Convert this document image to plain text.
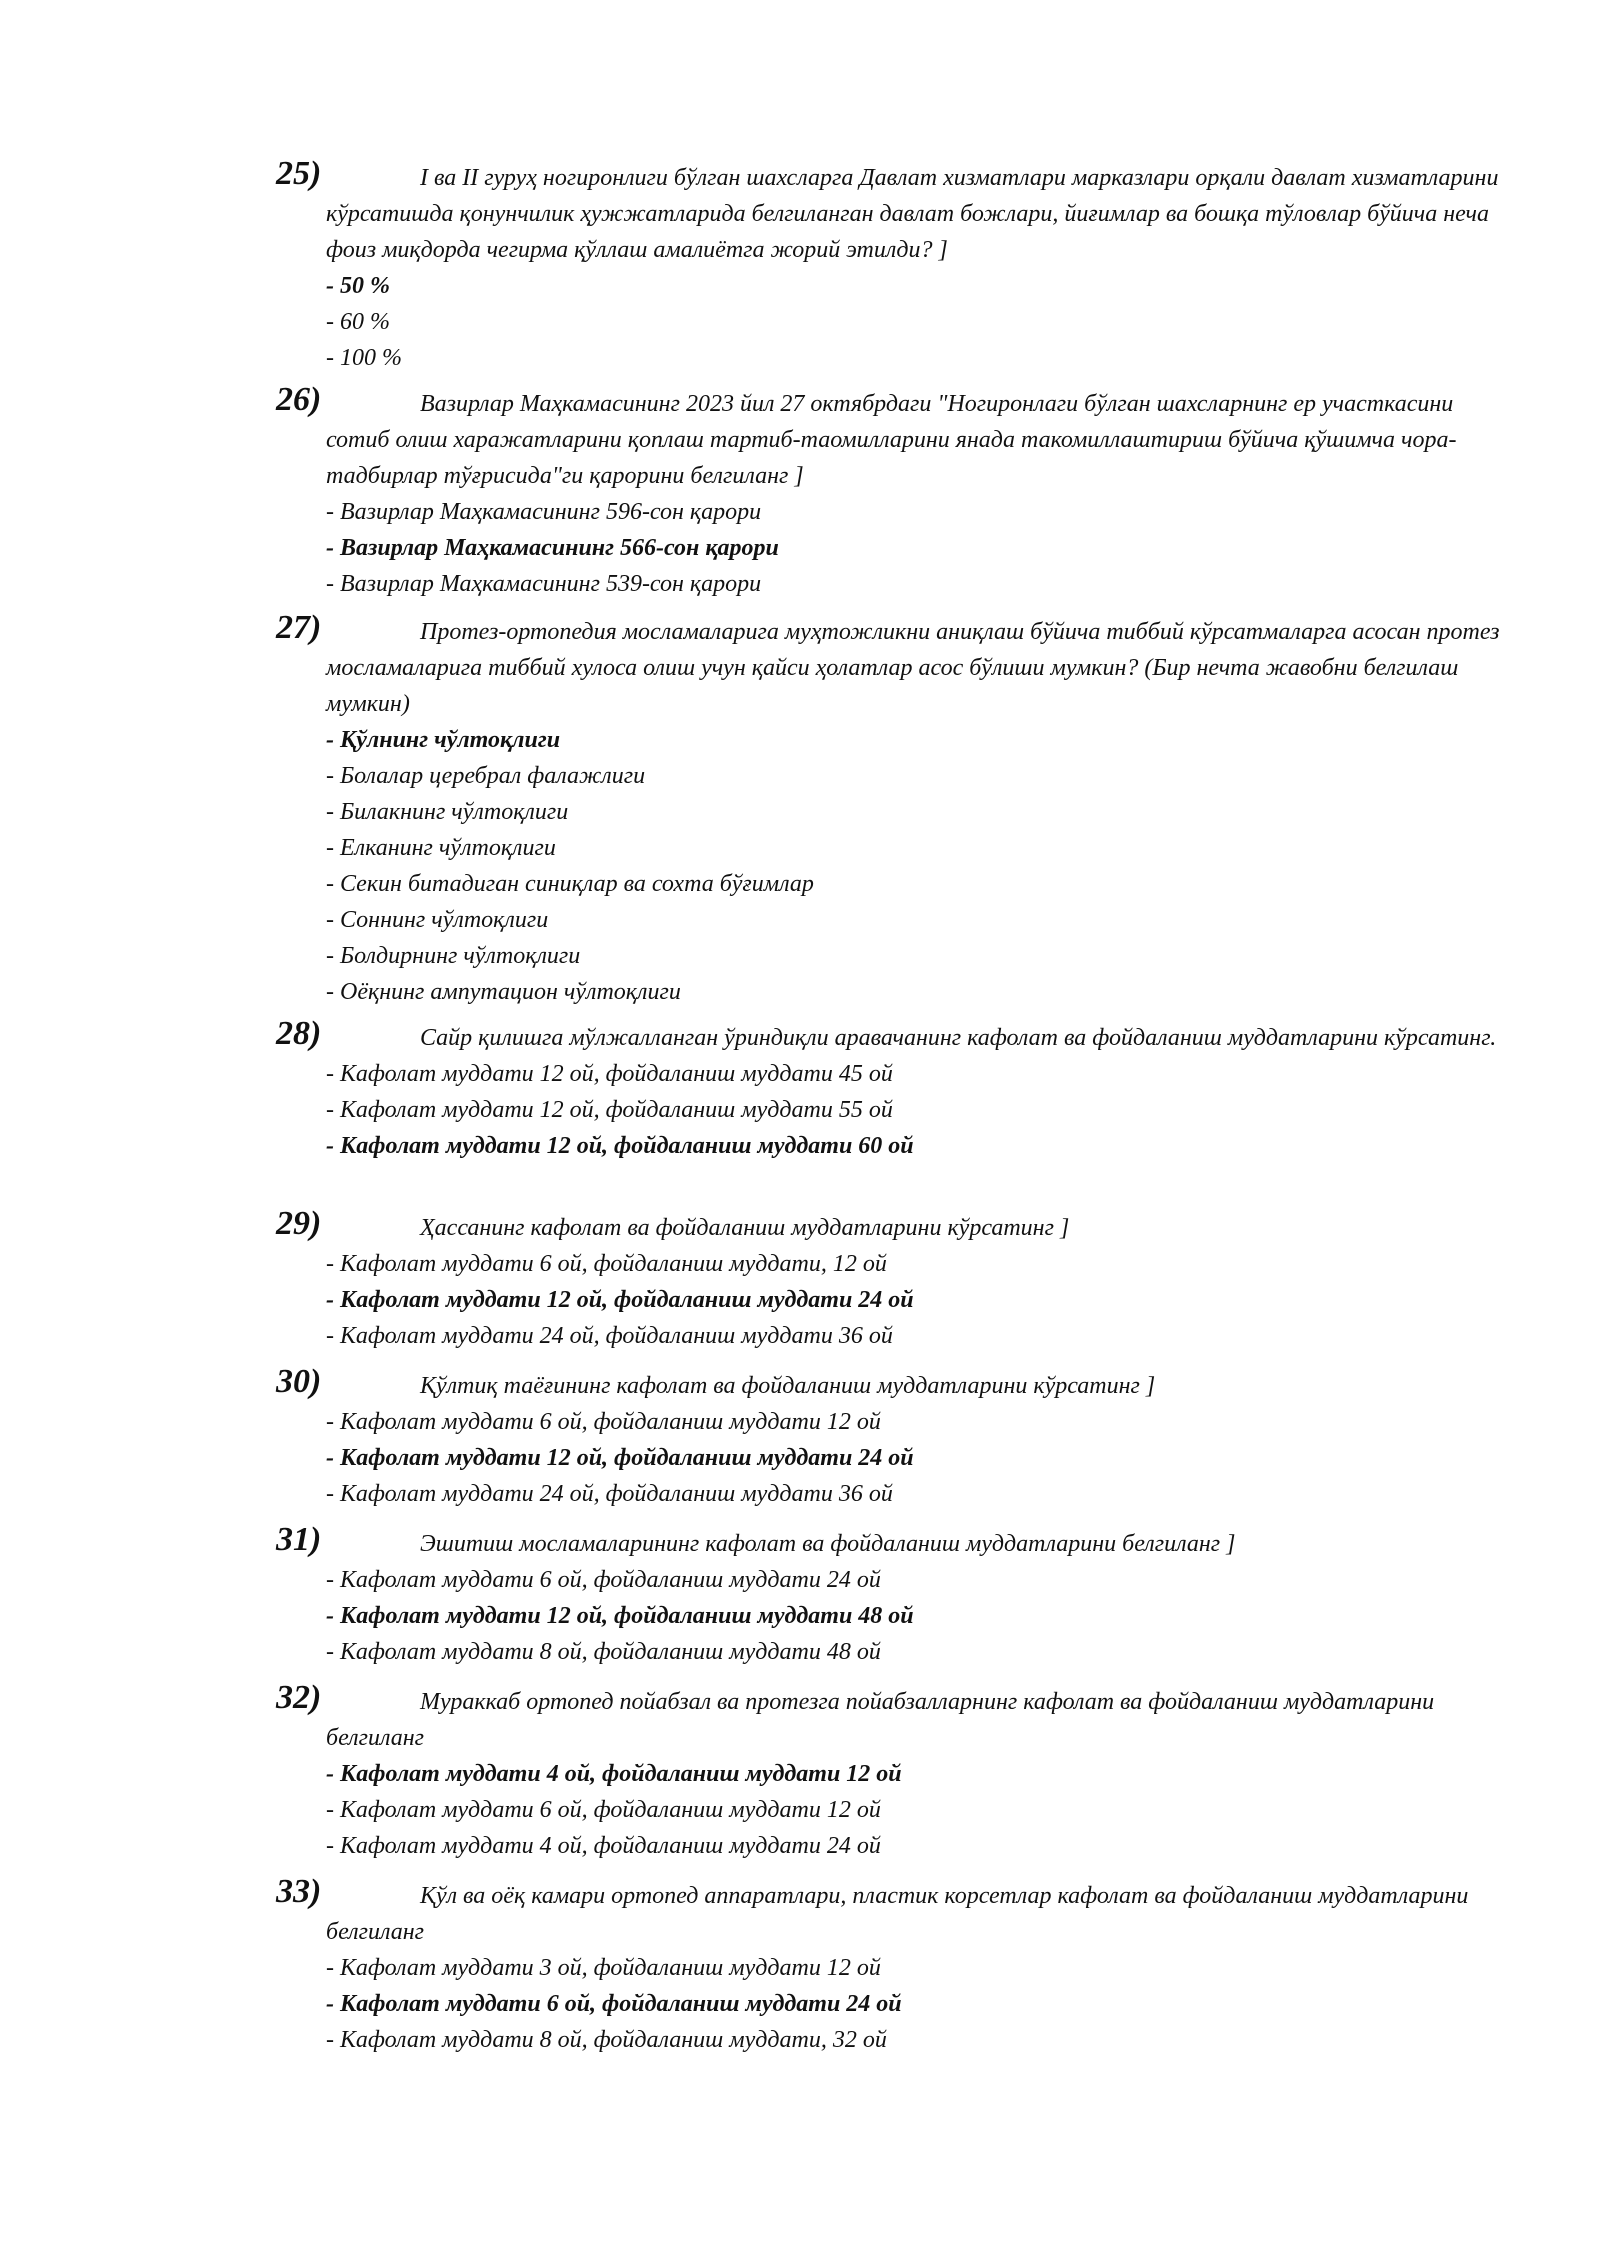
25)	I ва II гуруҳ ногиронлиги бўлган шахсларга Давлат хизматлари марказлари орқали давлат хизматларини кўрсатишда қонунчилик ҳужжатларида белгиланган давлат божлари, йиғимлар ва бошқа тўловлар бўйича неча фоиз миқдорда чегирма қўллаш амалиётга жорий этилди? ]
- 50 %
- 60 %
- 100 %
26)	Вазирлар Маҳкамасининг 2023 йил 27 октябрдаги "Ногиронлаги бўлган шахсларнинг ер участкасини сотиб олиш харажатларини қоплаш тартиб-таомилларини янада такомиллаштириш бўйича қўшимча чора-тадбирлар тўғрисида"ги қарорини белгиланг ]
- Вазирлар Маҳкамасининг 596-сон қарори
- Вазирлар Маҳкамасининг 566-сон қарори
- Вазирлар Маҳкамасининг 539-сон қарори
27)	Протез-ортопедия мосламаларига муҳтожликни аниқлаш бўйича тиббий кўрсатмаларга асосан протез мосламаларига тиббий хулоса олиш учун қайси ҳолатлар асос бўлиши мумкин? (Бир нечта жавобни белгилаш мумкин)
- Қўлнинг чўлтоқлиги
- Болалар церебрал фалажлиги
- Билакнинг чўлтоқлиги
- Елканинг чўлтоқлиги
- Секин битадиган синиқлар ва сохта бўғимлар
- Соннинг чўлтоқлиги
- Болдирнинг чўлтоқлиги
- Оёқнинг ампутацион чўлтоқлиги
28)	Сайр қилишга мўлжалланган ўриндиқли аравачанинг кафолат ва фойдаланиш муддатларини кўрсатинг.
- Кафолат муддати 12 ой, фойдаланиш муддати 45 ой
- Кафолат муддати 12 ой, фойдаланиш муддати 55 ой
- Кафолат муддати 12 ой, фойдаланиш муддати 60 ой
29)	Ҳассанинг кафолат ва фойдаланиш муддатларини кўрсатинг ]
- Кафолат муддати 6 ой, фойдаланиш муддати, 12 ой
- Кафолат муддати 12 ой, фойдаланиш муддати 24 ой
- Кафолат муддати 24 ой, фойдаланиш муддати 36 ой
30)	Қўлтиқ таёғининг кафолат ва фойдаланиш муддатларини кўрсатинг ]
- Кафолат муддати 6 ой, фойдаланиш муддати 12 ой
- Кафолат муддати 12 ой, фойдаланиш муддати 24 ой
- Кафолат муддати 24 ой, фойдаланиш муддати 36 ой
31)	Эшитиш мосламаларининг кафолат ва фойдаланиш муддатларини белгиланг ]
- Кафолат муддати 6 ой, фойдаланиш муддати 24 ой
- Кафолат муддати 12 ой, фойдаланиш муддати 48 ой
- Кафолат муддати 8 ой, фойдаланиш муддати 48 ой
32)	Мураккаб ортопед пойабзал ва протезга пойабзалларнинг кафолат ва фойдаланиш муддатларини белгиланг
- Кафолат муддати 4 ой, фойдаланиш муддати 12 ой
- Кафолат муддати 6 ой, фойдаланиш муддати 12 ой
- Кафолат муддати 4 ой, фойдаланиш муддати 24 ой
33)	Қўл ва оёқ камари ортопед аппаратлари, пластик корсетлар кафолат ва фойдаланиш муддатларини белгиланг
- Кафолат муддати 3 ой, фойдаланиш муддати 12 ой
- Кафолат муддати 6 ой, фойдаланиш муддати 24 ой
- Кафолат муддати 8 ой, фойдаланиш муддати, 32 ой
